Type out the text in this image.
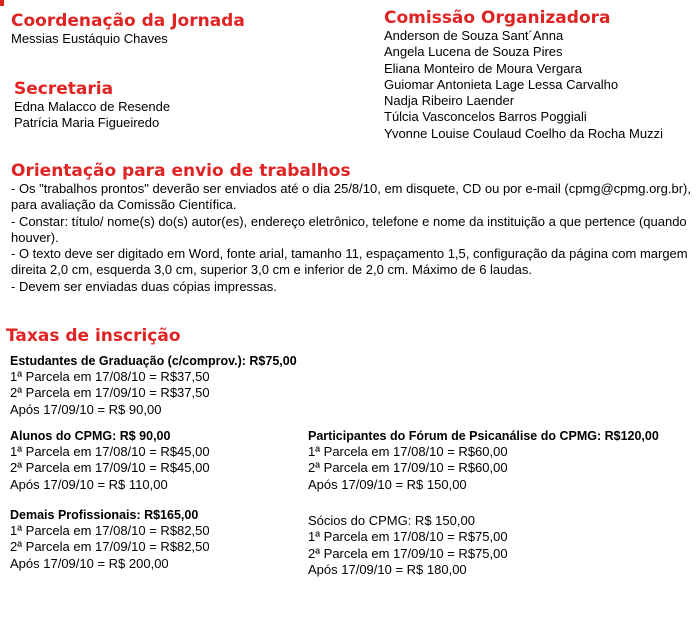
Coordenação da Jornada
Messias Eustáquio Chaves
Secretaria
Edna Malacco de Resende
Patrícia Maria Figueiredo
Comissão Organizadora
Anderson de Souza Sant´Anna
Angela Lucena de Souza Pires
Eliana Monteiro de Moura Vergara
Guiomar Antonieta Lage Lessa Carvalho
Nadja Ribeiro Laender
Túlcia Vasconcelos Barros Poggiali
Yvonne Louise Coulaud Coelho da Rocha Muzzi
Orientação para envio de trabalhos
- Os "trabalhos prontos" deverão ser enviados até o dia 25/8/10, em disquete, CD ou por e-mail (cpmg@cpmg.org.br), para avaliação da Comissão Científica.
- Constar: título/ nome(s) do(s) autor(es), endereço eletrônico, telefone e nome da instituição a que pertence (quando houver).
- O texto deve ser digitado em Word, fonte arial, tamanho 11, espaçamento 1,5, configuração da página com margem direita 2,0 cm, esquerda 3,0 cm, superior 3,0 cm e inferior de 2,0 cm. Máximo de 6 laudas.
- Devem ser enviadas duas cópias impressas.
Taxas de inscrição
Estudantes de Graduação (c/comprov.): R$75,00
1ª Parcela em 17/08/10 = R$37,50
2ª Parcela em 17/09/10 = R$37,50
Após 17/09/10 = R$ 90,00
Alunos do CPMG: R$ 90,00
1ª Parcela em 17/08/10 = R$45,00
2ª Parcela em 17/09/10 = R$45,00
Após 17/09/10 = R$ 110,00
Participantes do Fórum de Psicanálise do CPMG: R$120,00
1ª Parcela em 17/08/10 = R$60,00
2ª Parcela em 17/09/10 = R$60,00
Após 17/09/10 = R$ 150,00
Demais Profissionais: R$165,00
1ª Parcela em 17/08/10 = R$82,50
2ª Parcela em 17/09/10 = R$82,50
Após 17/09/10 = R$ 200,00
Sócios do CPMG: R$ 150,00
1ª Parcela em 17/08/10 = R$75,00
2ª Parcela em 17/09/10 = R$75,00
Após 17/09/10 = R$ 180,00
